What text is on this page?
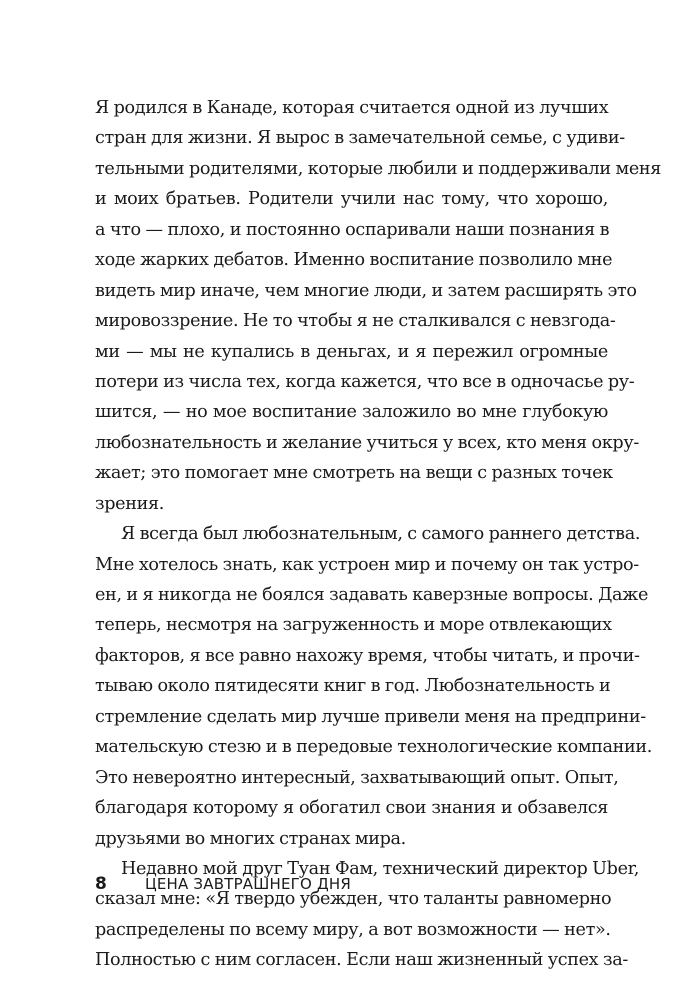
Я родился в Канаде, которая считается одной из лучших
стран для жизни. Я вырос в замечательной семье, с удиви-
тельными родителями, которые любили и поддерживали меня
и моих братьев. Родители учили нас тому, что хорошо,
а что — плохо, и постоянно оспаривали наши познания в
ходе жарких дебатов. Именно воспитание позволило мне
видеть мир иначе, чем многие люди, и затем расширять это
мировоззрение. Не то чтобы я не сталкивался с невзгода-
ми — мы не купались в деньгах, и я пережил огромные
потери из числа тех, когда кажется, что все в одночасье ру-
шится, — но мое воспитание заложило во мне глубокую
любознательность и желание учиться у всех, кто меня окру-
жает; это помогает мне смотреть на вещи с разных точек
зрения.
Я всегда был любознательным, с самого раннего детства.
Мне хотелось знать, как устроен мир и почему он так устро-
ен, и я никогда не боялся задавать каверзные вопросы. Даже
теперь, несмотря на загруженность и море отвлекающих
факторов, я все равно нахожу время, чтобы читать, и прочи-
тываю около пятидесяти книг в год. Любознательность и
стремление сделать мир лучше привели меня на предприни-
мательскую стезю и в передовые технологические компании.
Это невероятно интересный, захватывающий опыт. Опыт,
благодаря которому я обогатил свои знания и обзавелся
друзьями во многих странах мира.
Недавно мой друг Туан Фам, технический директор Uber,
сказал мне: «Я твердо убежден, что таланты равномерно
распределены по всему миру, а вот возможности — нет».
Полностью с ним согласен. Если наш жизненный успех за-
8	ЦЕНА ЗАВТРАШНЕГО ДНЯ
